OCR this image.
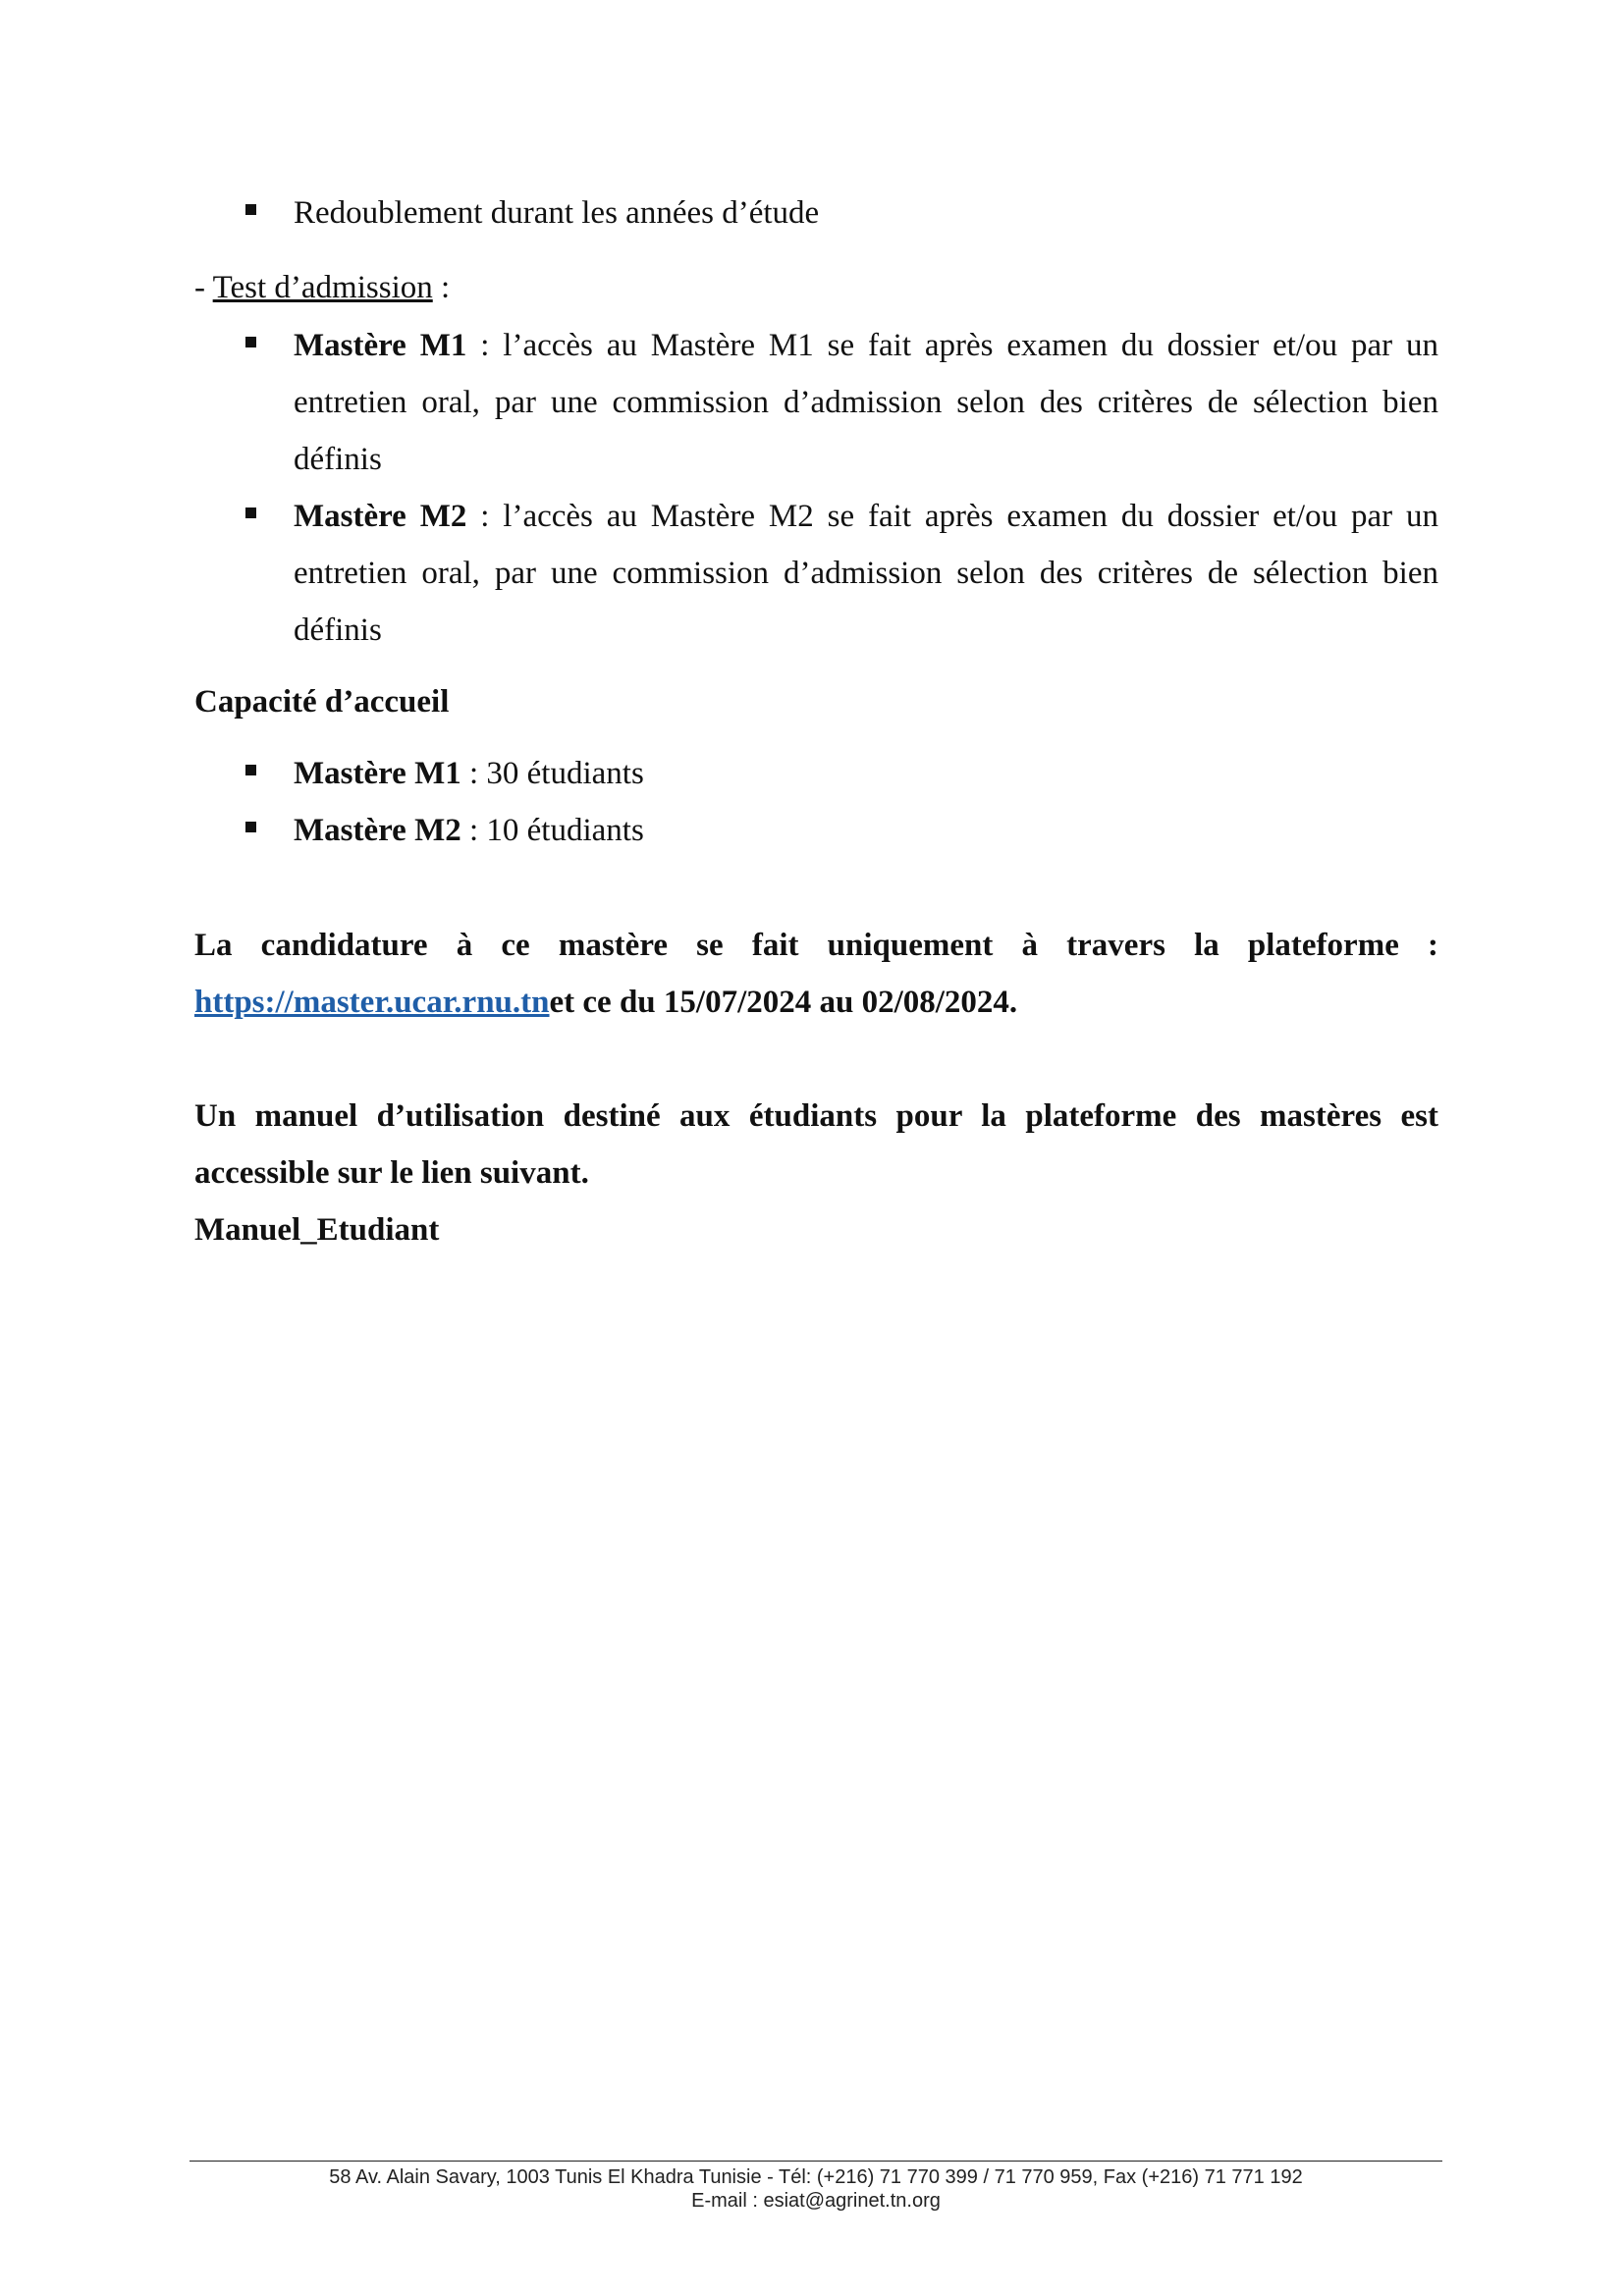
Redoublement durant les années d’étude
- Test d’admission :
Mastère M1 : l’accès au Mastère M1 se fait après examen du dossier et/ou par un
entretien oral, par une commission d’admission selon des critères de sélection bien
définis
Mastère M2 : l’accès au Mastère M2 se fait après examen du dossier et/ou par un
entretien oral, par une commission d’admission selon des critères de sélection bien
définis
Capacité d’accueil
Mastère M1 : 30 étudiants
Mastère M2 : 10 étudiants
La candidature à ce mastère se fait uniquement à travers la plateforme :
https://master.ucar.rnu.tnet ce du 15/07/2024 au 02/08/2024.
Un manuel d’utilisation destiné aux étudiants pour la plateforme des mastères est
accessible sur le lien suivant.
Manuel_Etudiant
58 Av. Alain Savary, 1003 Tunis El Khadra Tunisie - Tél: (+216) 71 770 399 / 71 770 959, Fax (+216) 71 771 192
E-mail : esiat@agrinet.tn.org
